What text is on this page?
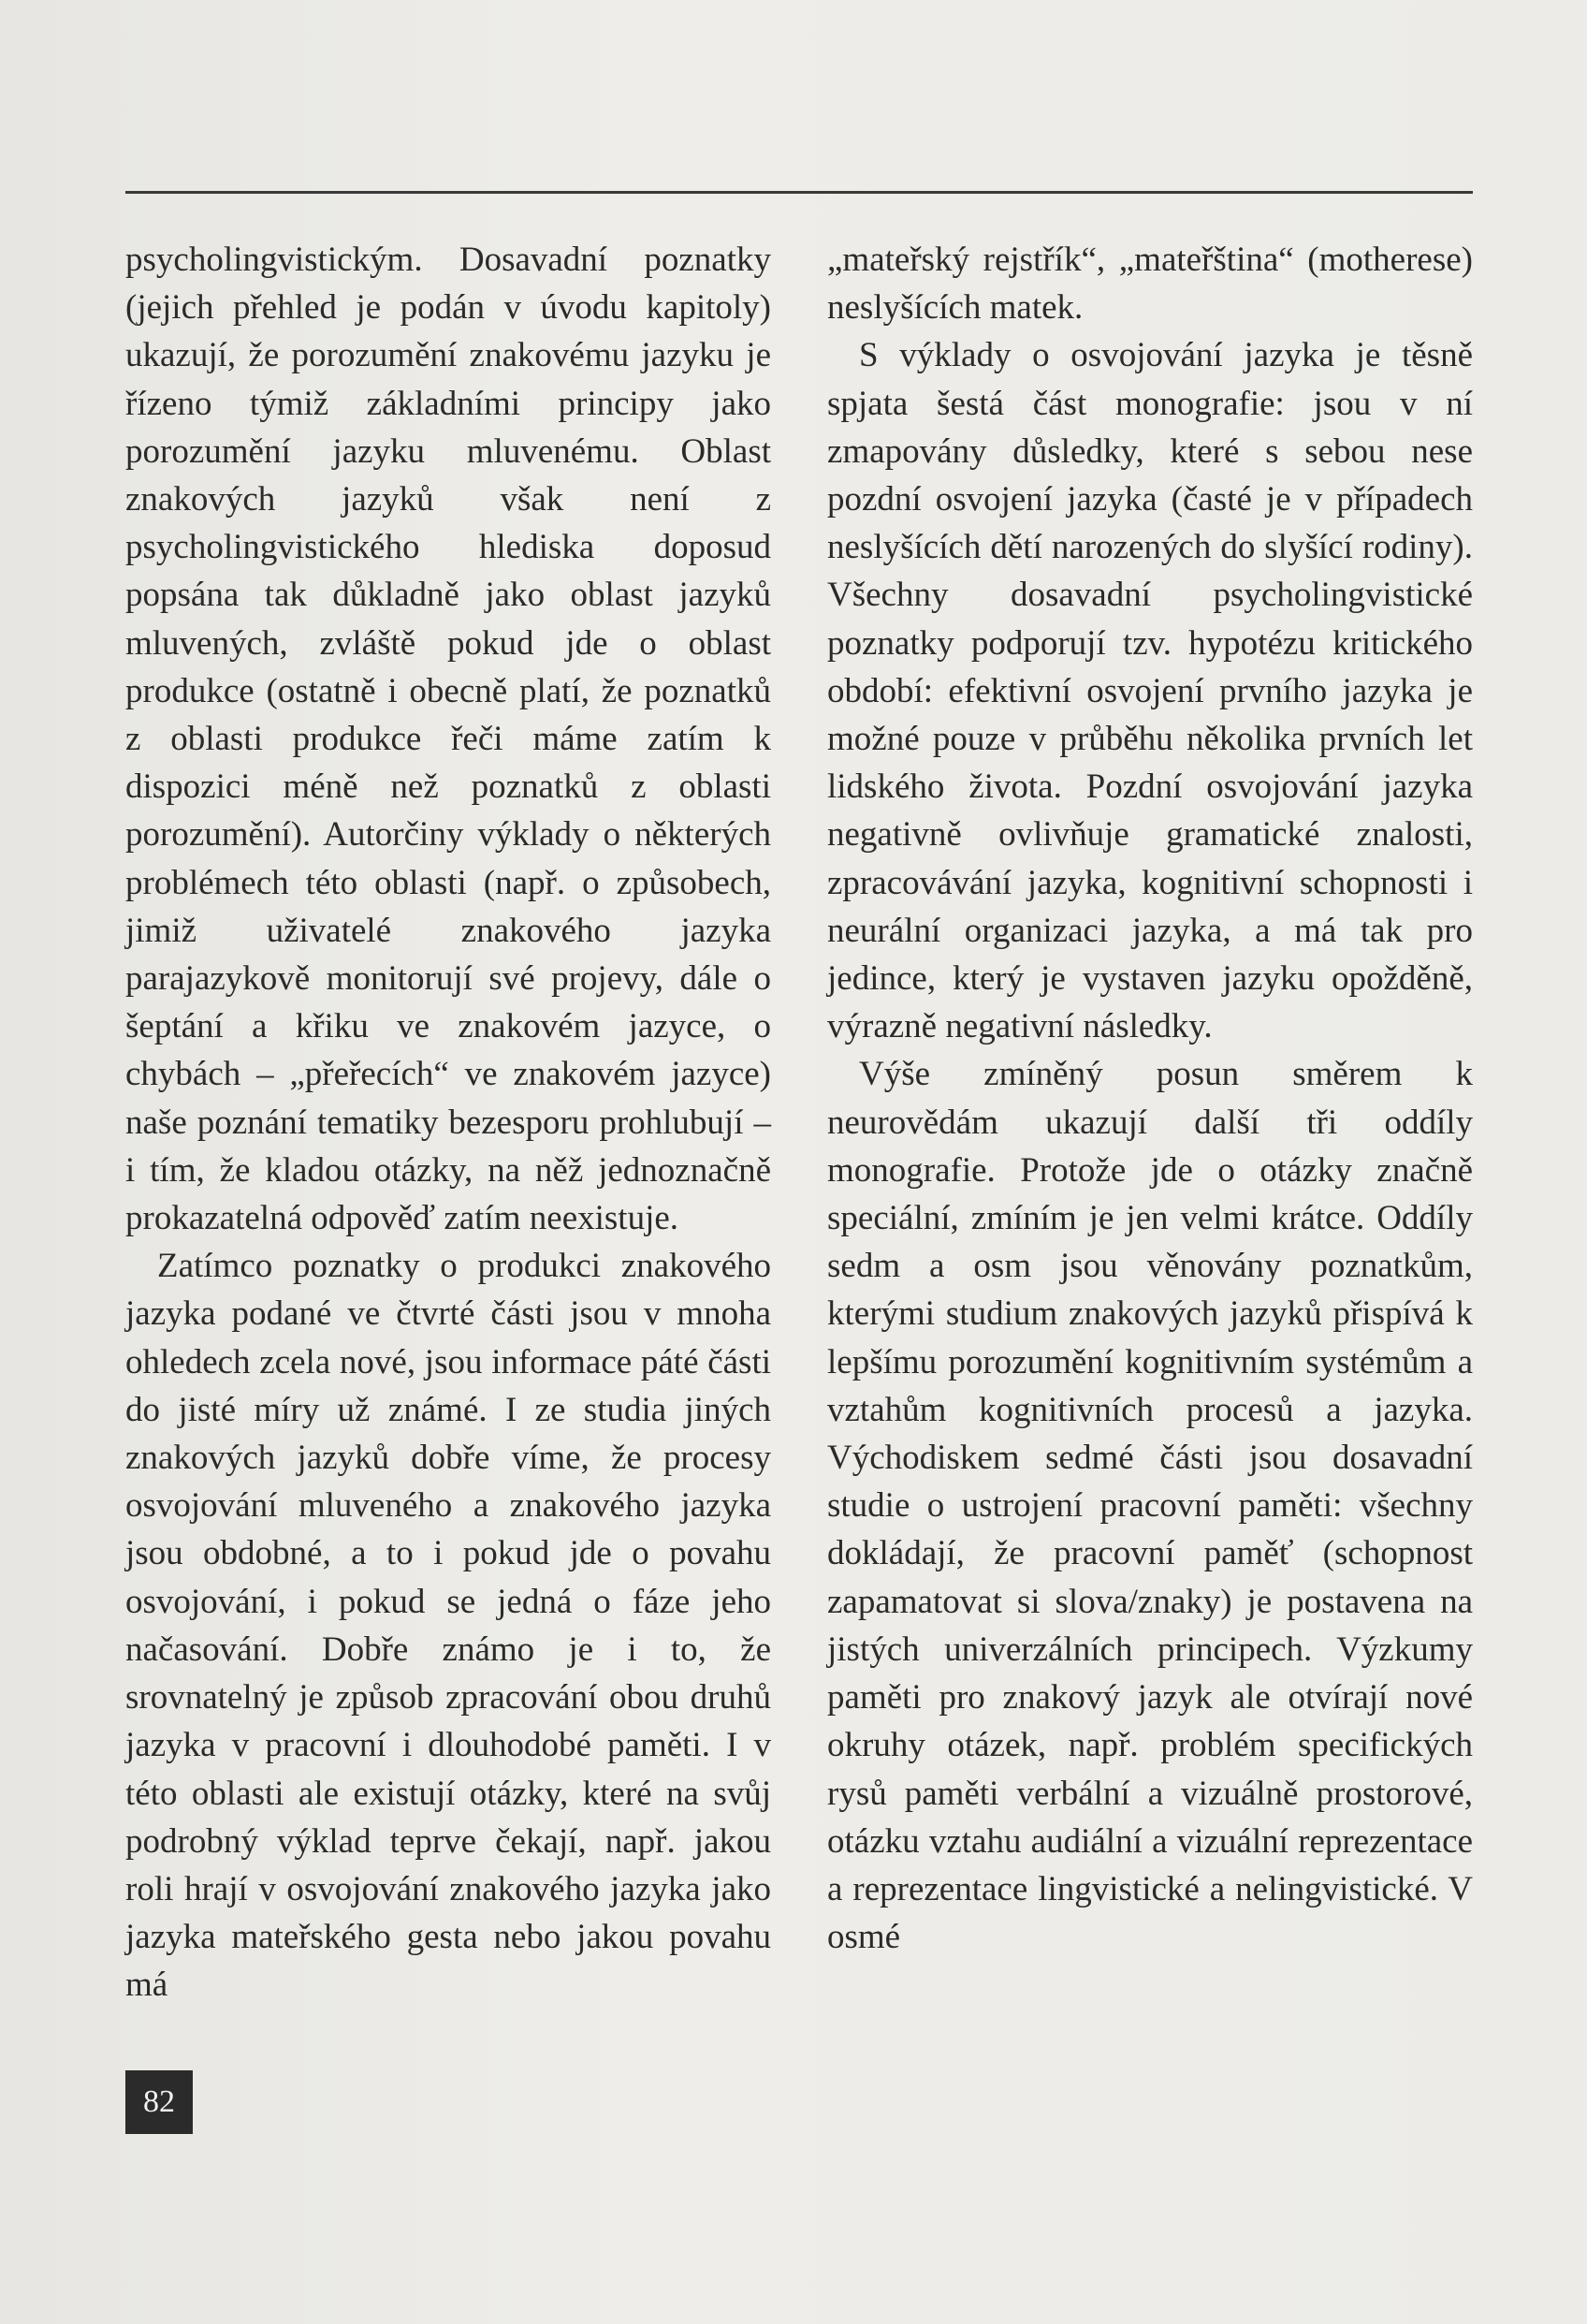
psycholingvistickým. Dosavadní poznatky (jejich přehled je podán v úvodu kapitoly) ukazují, že porozumění znakovému jazyku je řízeno týmiž základními principy jako porozumění jazyku mluvenému. Oblast znakových jazyků však není z psycholingvistického hlediska doposud popsána tak důkladně jako oblast jazyků mluvených, zvláště pokud jde o oblast produkce (ostatně i obecně platí, že poznatků z oblasti produkce řeči máme zatím k dispozici méně než poznatků z oblasti porozumění). Autorčiny výklady o některých problémech této oblasti (např. o způsobech, jimiž uživatelé znakového jazyka parajazykově monitorují své projevy, dále o šeptání a křiku ve znakovém jazyce, o chybách – „přeřecích“ ve znakovém jazyce) naše poznání tematiky bezesporu prohlubují – i tím, že kladou otázky, na něž jednoznačně prokazatelná odpověď zatím neexistuje.

Zatímco poznatky o produkci znakového jazyka podané ve čtvrté části jsou v mnoha ohledech zcela nové, jsou informace páté části do jisté míry už známé. I ze studia jiných znakových jazyků dobře víme, že procesy osvojování mluveného a znakového jazyka jsou obdobné, a to i pokud jde o povahu osvojování, i pokud se jedná o fáze jeho načasování. Dobře známo je i to, že srovnatelný je způsob zpracování obou druhů jazyka v pracovní i dlouhodobé paměti. I v této oblasti ale existují otázky, které na svůj podrobný výklad teprve čekají, např. jakou roli hrají v osvojování znakového jazyka jako jazyka mateřského gesta nebo jakou povahu má

„mateřský rejstřík“, „mateřština“ (motherese) neslyšících matek.

S výklady o osvojování jazyka je těsně spjata šestá část monografie: jsou v ní zmapovány důsledky, které s sebou nese pozdní osvojení jazyka (časté je v případech neslyšících dětí narozených do slyšící rodiny). Všechny dosavadní psycholingvistické poznatky podporují tzv. hypotézu kritického období: efektivní osvojení prvního jazyka je možné pouze v průběhu několika prvních let lidského života. Pozdní osvojování jazyka negativně ovlivňuje gramatické znalosti, zpracovávání jazyka, kognitivní schopnosti i neurální organizaci jazyka, a má tak pro jedince, který je vystaven jazyku opožděně, výrazně negativní následky.

Výše zmíněný posun směrem k neurovědám ukazují další tři oddíly monografie. Protože jde o otázky značně speciální, zmíním je jen velmi krátce. Oddíly sedm a osm jsou věnovány poznatkům, kterými studium znakových jazyků přispívá k lepšímu porozumění kognitivním systémům a vztahům kognitivních procesů a jazyka. Východiskem sedmé části jsou dosavadní studie o ustrojení pracovní paměti: všechny dokládají, že pracovní paměť (schopnost zapamatovat si slova/znaky) je postavena na jistých univerzálních principech. Výzkumy paměti pro znakový jazyk ale otvírají nové okruhy otázek, např. problém specifických rysů paměti verbální a vizuálně prostorové, otázku vztahu audiální a vizuální reprezentace a reprezentace lingvistické a nelingvistické. V osmé

82
